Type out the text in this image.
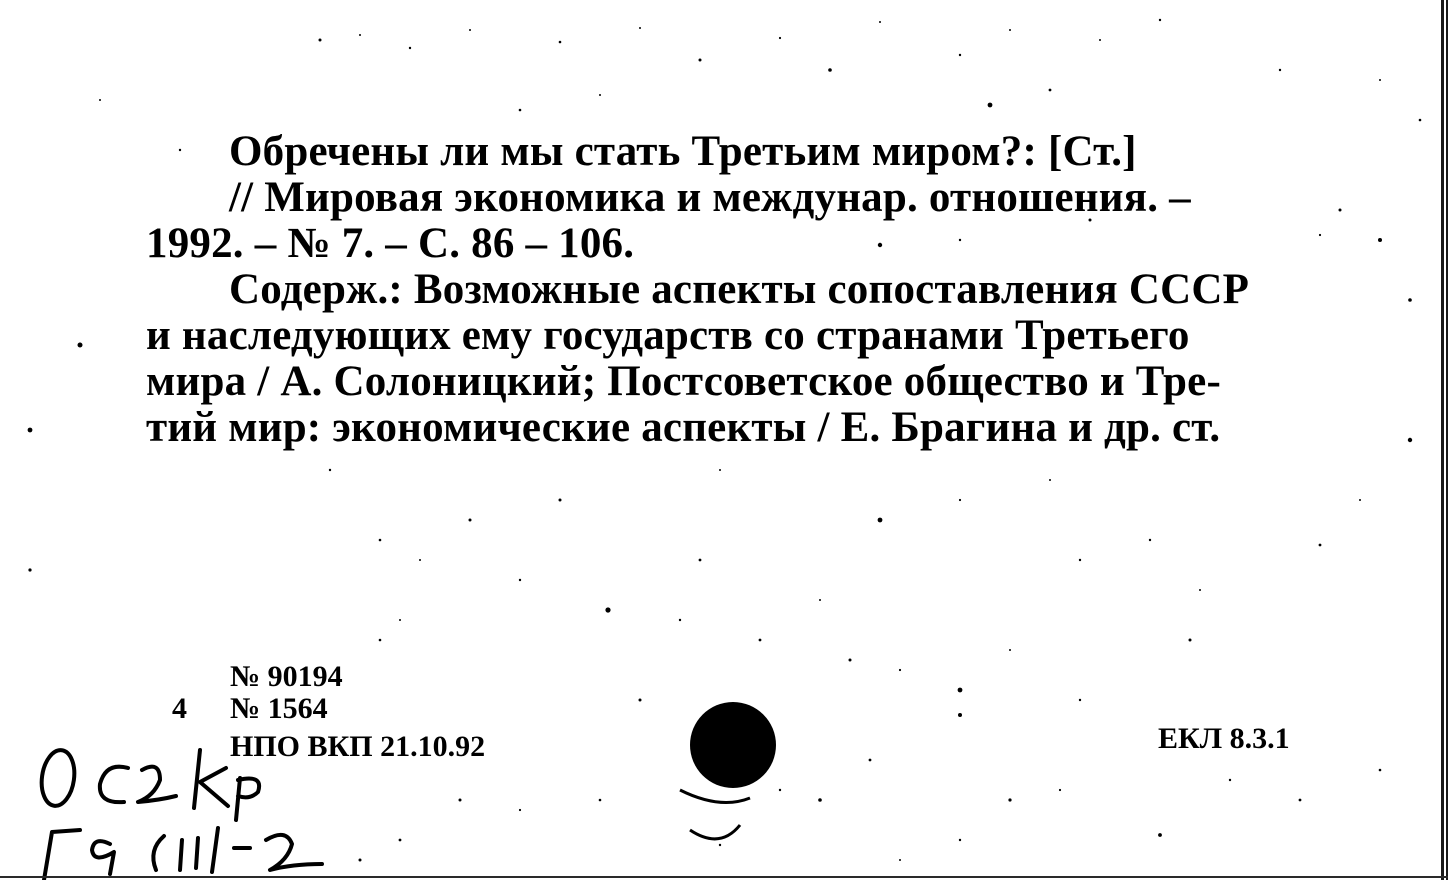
Обречены ли мы стать Третьим миром?: [Ст.]
// Мировая экономика и междунар. отношения. –
1992. – № 7. – С. 86 – 106.
Содерж.: Возможные аспекты сопоставления СССР
и наследующих ему государств со странами Третьего
мира / А. Солоницкий; Постсоветское общество и Тре-
тий мир: экономические аспекты / Е. Брагина и др. ст.
№ 90194
4 № 1564
НПО ВКП 21.10.92	ЕКЛ 8.3.1
